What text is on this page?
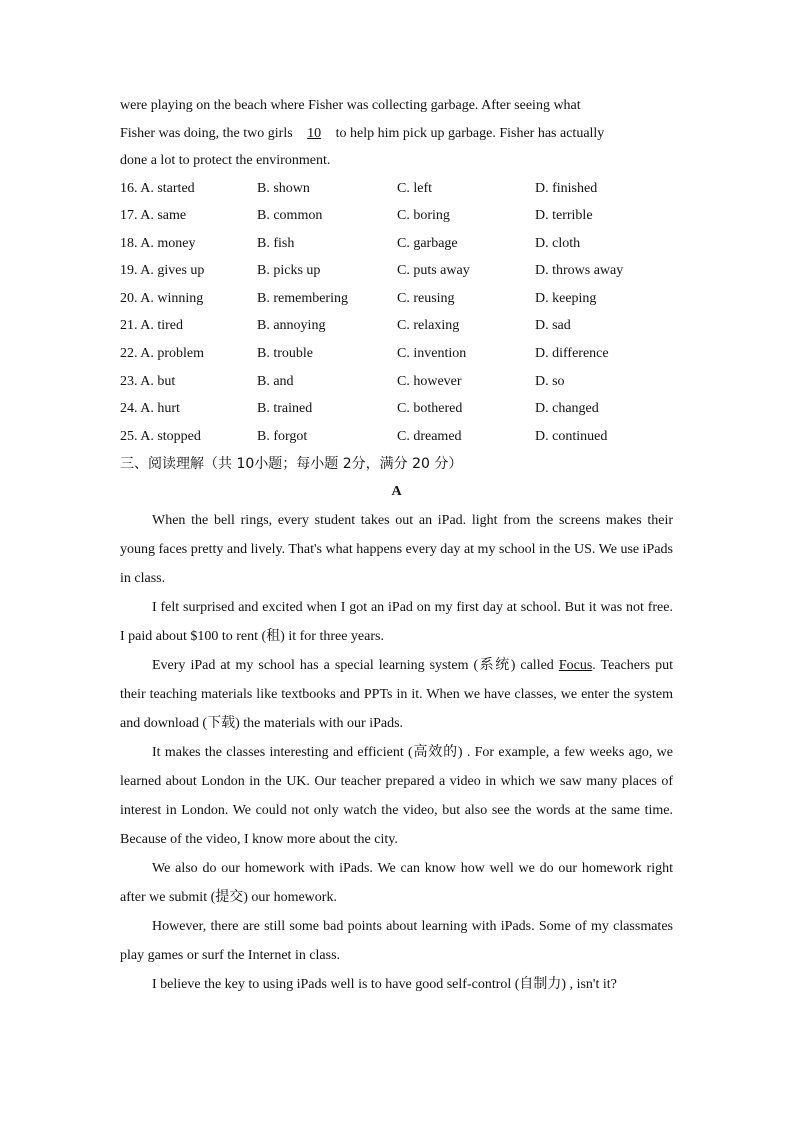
were playing on the beach where Fisher was collecting garbage. After seeing what

Fisher was doing, the two girls 10 to help him pick up garbage. Fisher has actually

done a lot to protect the environment.

16. A. started	B. shown	C. left	D. finished
17. A. same	B. common	C. boring	D. terrible
18. A. money	B. fish	C. garbage	D. cloth
19. A. gives up	B. picks up	C. puts away	D. throws away
20. A. winning	B. remembering	C. reusing	D. keeping
21. A. tired	B. annoying	C. relaxing	D. sad
22. A. problem	B. trouble	C. invention	D. difference
23. A. but	B. and	C. however	D. so
24. A. hurt	B. trained	C. bothered	D. changed
25. A. stopped	B. forgot	C. dreamed	D. continued

三、阅读理解（共 10小题；每小题 2分，满分 20 分）

A

When the bell rings, every student takes out an iPad. light from the screens makes their young faces pretty and lively. That's what happens every day at my school in the US. We use iPads in class.

I felt surprised and excited when I got an iPad on my first day at school. But it was not free. I paid about $100 to rent (租) it for three years.

Every iPad at my school has a special learning system (系统) called Focus. Teachers put their teaching materials like textbooks and PPTs in it. When we have classes, we enter the system and download (下载) the materials with our iPads.

It makes the classes interesting and efficient (高效的) . For example, a few weeks ago, we learned about London in the UK. Our teacher prepared a video in which we saw many places of interest in London. We could not only watch the video, but also see the words at the same time. Because of the video, I know more about the city.

We also do our homework with iPads. We can know how well we do our homework right after we submit (提交) our homework.

However, there are still some bad points about learning with iPads. Some of my classmates play games or surf the Internet in class.

I believe the key to using iPads well is to have good self-control (自制力) , isn't it?
